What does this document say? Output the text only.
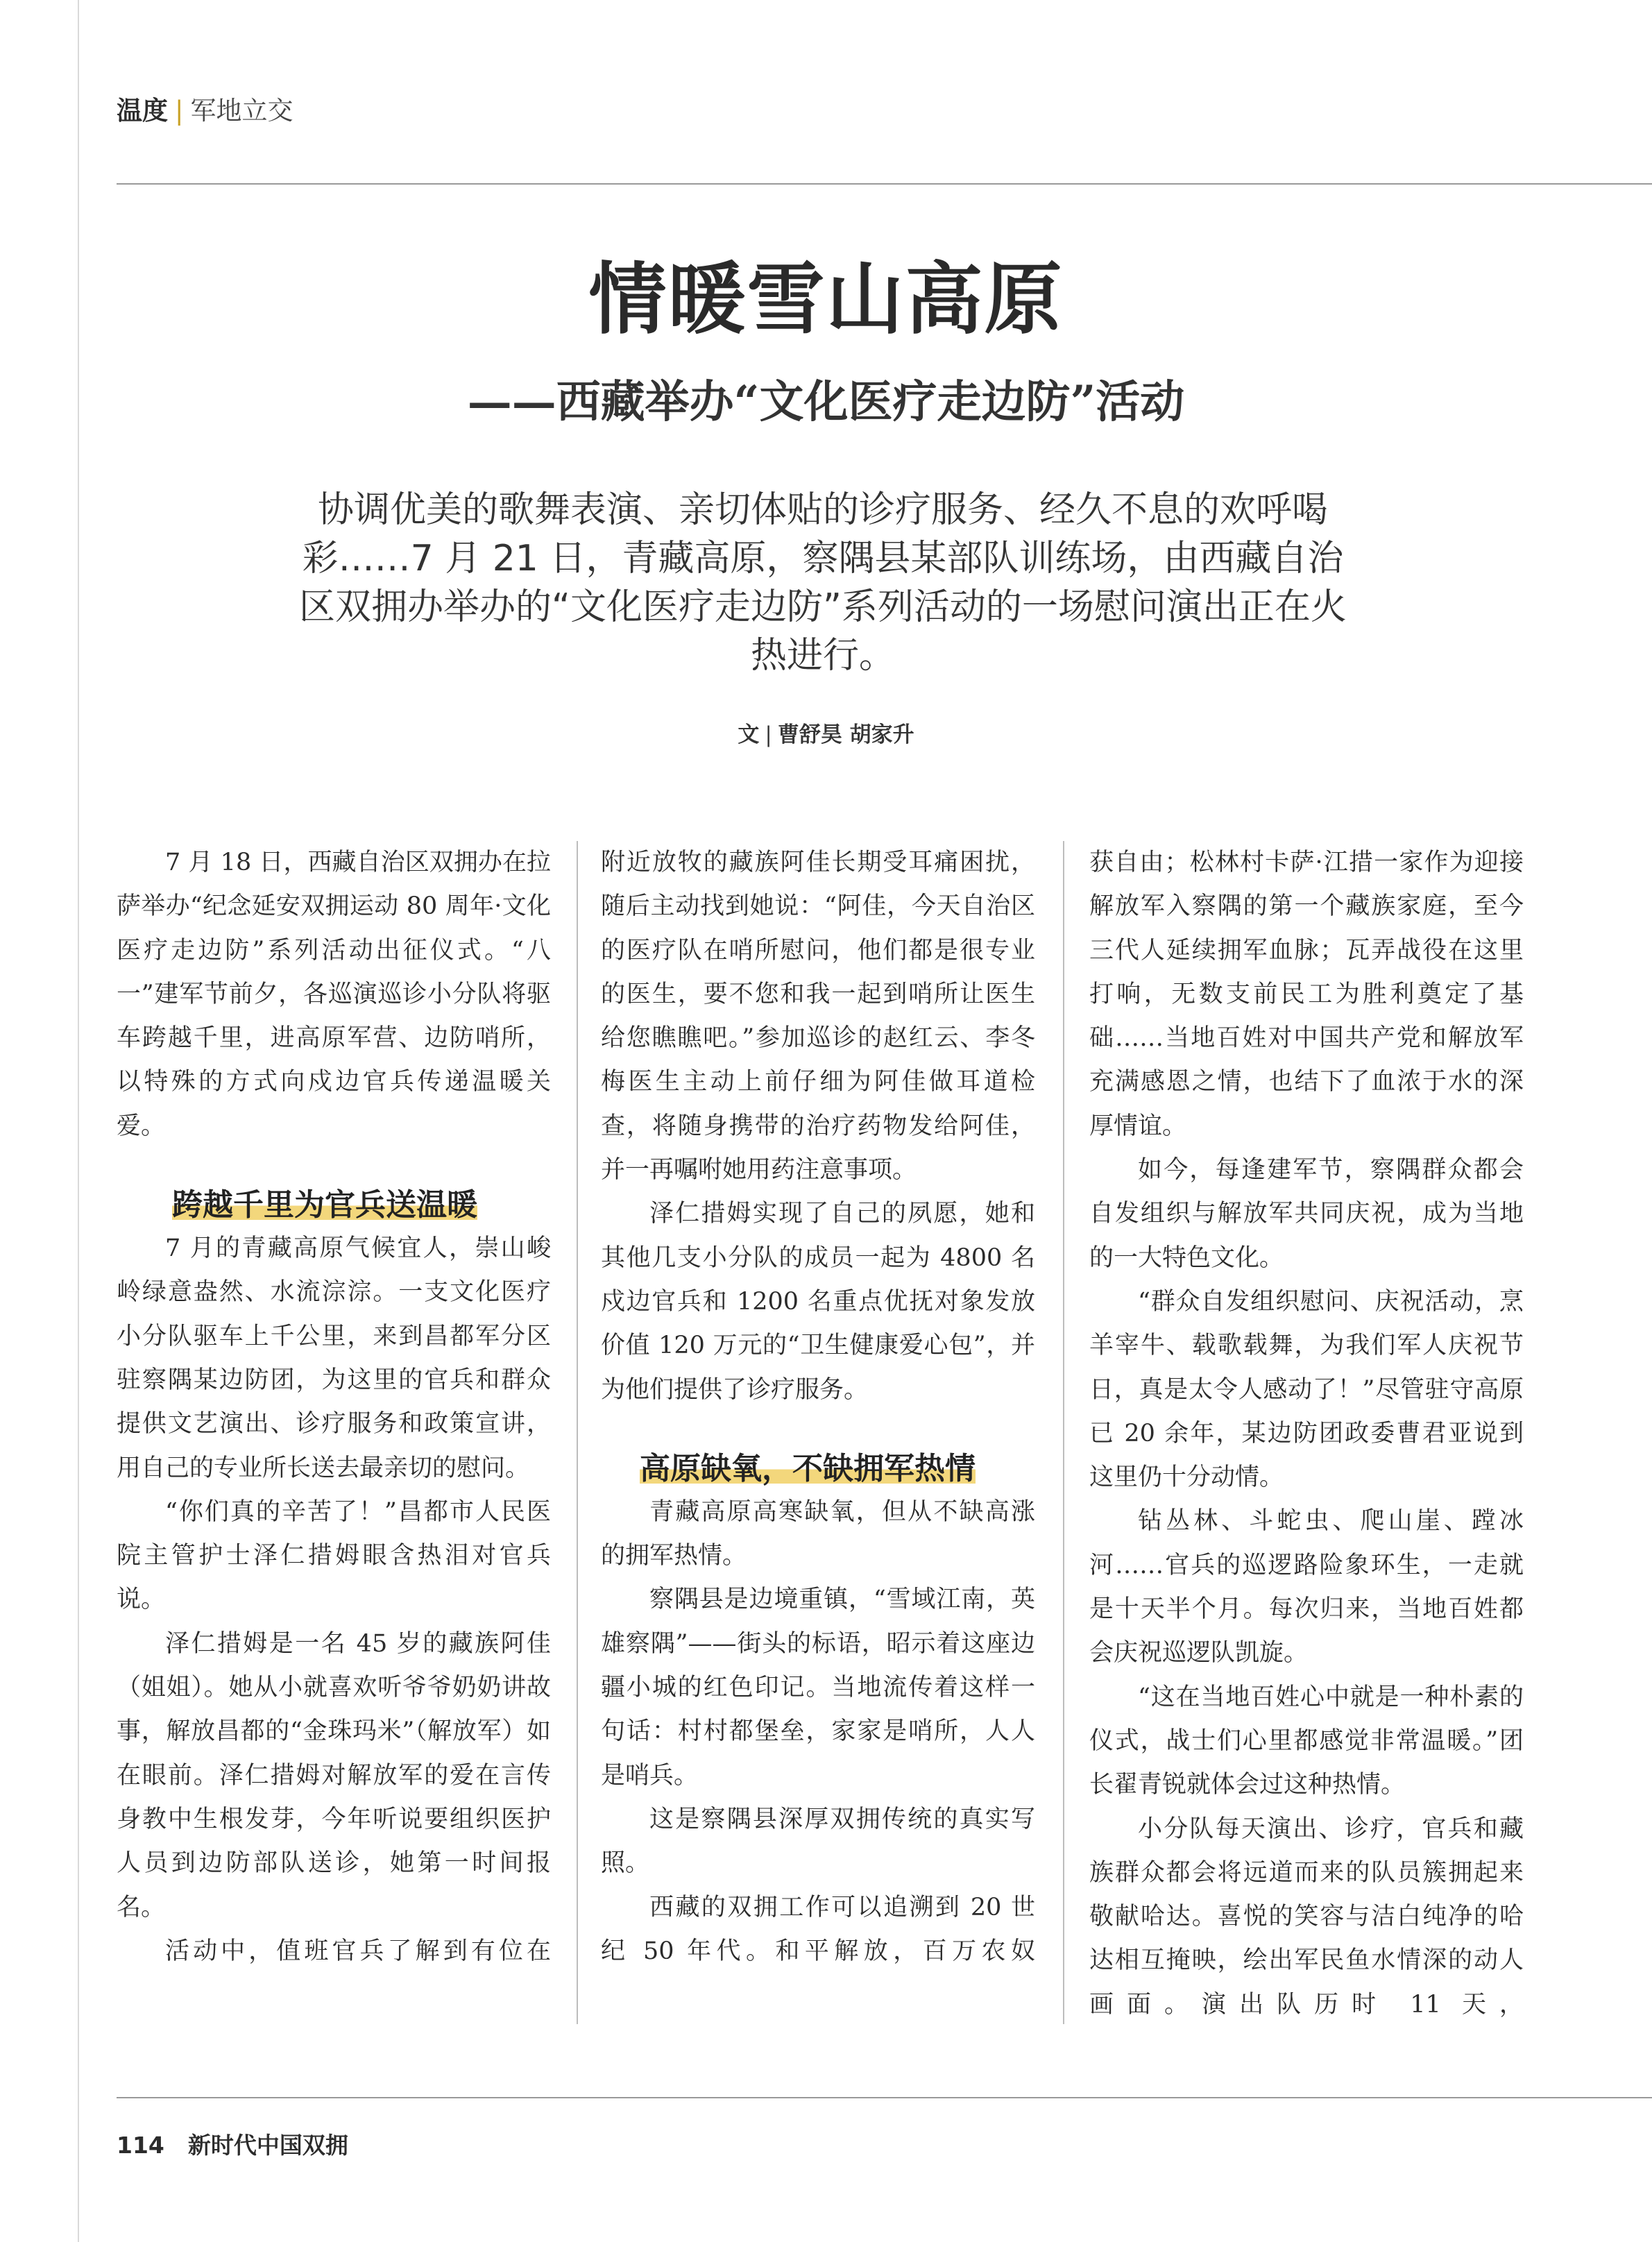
温度 | 军地立交
情暖雪山高原
——西藏举办“文化医疗走边防”活动
协调优美的歌舞表演、亲切体贴的诊疗服务、经久不息的欢呼喝彩……7 月 21 日，青藏高原，察隅县某部队训练场，由西藏自治区双拥办举办的“文化医疗走边防”系列活动的一场慰问演出正在火热进行。
文 | 曹舒昊 胡家升

7 月 18 日，西藏自治区双拥办在拉萨举办“纪念延安双拥运动 80 周年·文化医疗走边防”系列活动出征仪式。“八一”建军节前夕，各巡演巡诊小分队将驱车跨越千里，进高原军营、边防哨所，以特殊的方式向戍边官兵传递温暖关爱。

跨越千里为官兵送温暖

7 月的青藏高原气候宜人，崇山峻岭绿意盎然、水流淙淙。一支文化医疗小分队驱车上千公里，来到昌都军分区驻察隅某边防团，为这里的官兵和群众提供文艺演出、诊疗服务和政策宣讲，用自己的专业所长送去最亲切的慰问。

“你们真的辛苦了！”昌都市人民医院主管护士泽仁措姆眼含热泪对官兵说。

泽仁措姆是一名 45 岁的藏族阿佳（姐姐）。她从小就喜欢听爷爷奶奶讲故事，解放昌都的“金珠玛米”（解放军）如在眼前。泽仁措姆对解放军的爱在言传身教中生根发芽，今年听说要组织医护人员到边防部队送诊，她第一时间报名。

活动中，值班官兵了解到有位在

附近放牧的藏族阿佳长期受耳痛困扰，随后主动找到她说：“阿佳，今天自治区的医疗队在哨所慰问，他们都是很专业的医生，要不您和我一起到哨所让医生给您瞧瞧吧。”参加巡诊的赵红云、李冬梅医生主动上前仔细为阿佳做耳道检查，将随身携带的治疗药物发给阿佳，并一再嘱咐她用药注意事项。

泽仁措姆实现了自己的夙愿，她和其他几支小分队的成员一起为 4800 名戍边官兵和 1200 名重点优抚对象发放价值 120 万元的“卫生健康爱心包”，并为他们提供了诊疗服务。

高原缺氧，不缺拥军热情

青藏高原高寒缺氧，但从不缺高涨的拥军热情。

察隅县是边境重镇，“雪域江南，英雄察隅”——街头的标语，昭示着这座边疆小城的红色印记。当地流传着这样一句话：村村都堡垒，家家是哨所，人人是哨兵。

这是察隅县深厚双拥传统的真实写照。

西藏的双拥工作可以追溯到 20 世纪 50 年代。和平解放，百万农奴

获自由；松林村卡萨·江措一家作为迎接解放军入察隅的第一个藏族家庭，至今三代人延续拥军血脉；瓦弄战役在这里打响，无数支前民工为胜利奠定了基础……当地百姓对中国共产党和解放军充满感恩之情，也结下了血浓于水的深厚情谊。

如今，每逢建军节，察隅群众都会自发组织与解放军共同庆祝，成为当地的一大特色文化。

“群众自发组织慰问、庆祝活动，烹羊宰牛、载歌载舞，为我们军人庆祝节日，真是太令人感动了！”尽管驻守高原已 20 余年，某边防团政委曹君亚说到这里仍十分动情。

钻丛林、斗蛇虫、爬山崖、蹚冰河……官兵的巡逻路险象环生，一走就是十天半个月。每次归来，当地百姓都会庆祝巡逻队凯旋。

“这在当地百姓心中就是一种朴素的仪式，战士们心里都感觉非常温暖。”团长翟青锐就体会过这种热情。

小分队每天演出、诊疗，官兵和藏族群众都会将远道而来的队员簇拥起来敬献哈达。喜悦的笑容与洁白纯净的哈达相互掩映，绘出军民鱼水情深的动人画面。演出队历时 11 天，

114 新时代中国双拥
